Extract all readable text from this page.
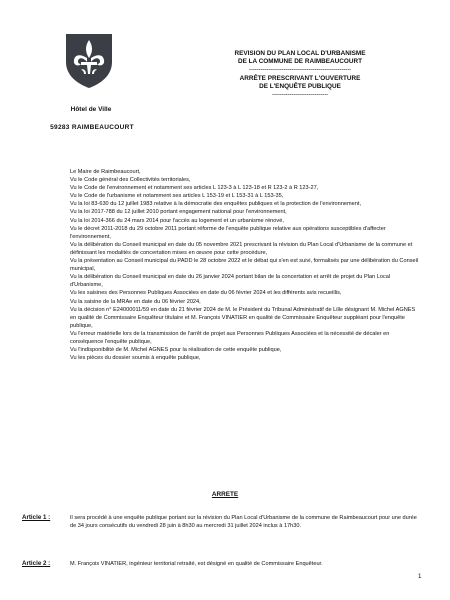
Hôtel de Ville
59283 RAIMBEAUCOURT
REVISION DU PLAN LOCAL D'URBANISME
DE LA COMMUNE DE RAIMBEAUCOURT
-----------------------------------------------------
ARRÊTE PRESCRIVANT L'OUVERTURE
DE L'ENQUÊTE PUBLIQUE
-----------------------------

Le Maire de Raimbeaucourt,

Vu le Code général des Collectivités territoriales,

Vu le Code de l'environnement et notamment ses articles L 123-3 à L 123-18 et R 123-2 à R 123-27,

Vu le Code de l'urbanisme et notamment ses articles L 153-19 et L 153-31 à L 153-35,

Vu la loi 83-630 du 12 juillet 1983 relative à la démocratie des enquêtes publiques et la protection de l'environnement,

Vu la loi 2017-788 du 12 juillet 2010 portant engagement national pour l'environnement,

Vu la loi 2014-366 du 24 mars 2014 pour l'accès au logement et un urbanisme rénové,

Vu le décret 2011-2018 du 29 octobre 2011 portant réforme de l'enquête publique relative aux opérations susceptibles d'affecter l'environnement,

Vu la délibération du Conseil municipal en date du 05 novembre 2021 prescrivant la révision du Plan Local d'Urbanisme de la commune et définissant les modalités de concertation mises en œuvre pour cette procédure,

Vu la présentation au Conseil municipal du PADD le 28 octobre 2022 et le débat qui s'en est suivi, formalisés par une délibération du Conseil municipal,

Vu la délibération du Conseil municipal en date du 26 janvier 2024 portant bilan de la concertation et arrêt de projet du Plan Local d'Urbanisme,

Vu les saisines des Personnes Publiques Associées en date du 06 février 2024 et les différents avis recueillis,

Vu la saisine de la MRAe en date du 06 février 2024,

Vu la décision n° E24000011/59 en date du 21 février 2024 de M. le Président du Tribunal Administratif de Lille désignant M. Michel AGNES en qualité de Commissaire Enquêteur titulaire et M. François VINATIER en qualité de Commissaire Enquêteur suppléant pour l'enquête publique,

Vu l'erreur matérielle lors de la transmission de l'arrêt de projet aux Personnes Publiques Associées et la nécessité de décaler en conséquence l'enquête publique,

Vu l'indisponibilité de M. Michel AGNES pour la réalisation de cette enquête publique,

Vu les pièces du dossier soumis à enquête publique,

ARRETE
Article 1 :	Il sera procédé à une enquête publique portant sur la révision du Plan Local d'Urbanisme de la commune de Raimbeaucourt pour une durée de 34 jours consécutifs du vendredi 28 juin à 8h30 au mercredi 31 juillet 2024 inclus à 17h30.
Article 2 :	M. François VINATIER, ingénieur territorial retraité, est désigné en qualité de Commissaire Enquêteur.
1
